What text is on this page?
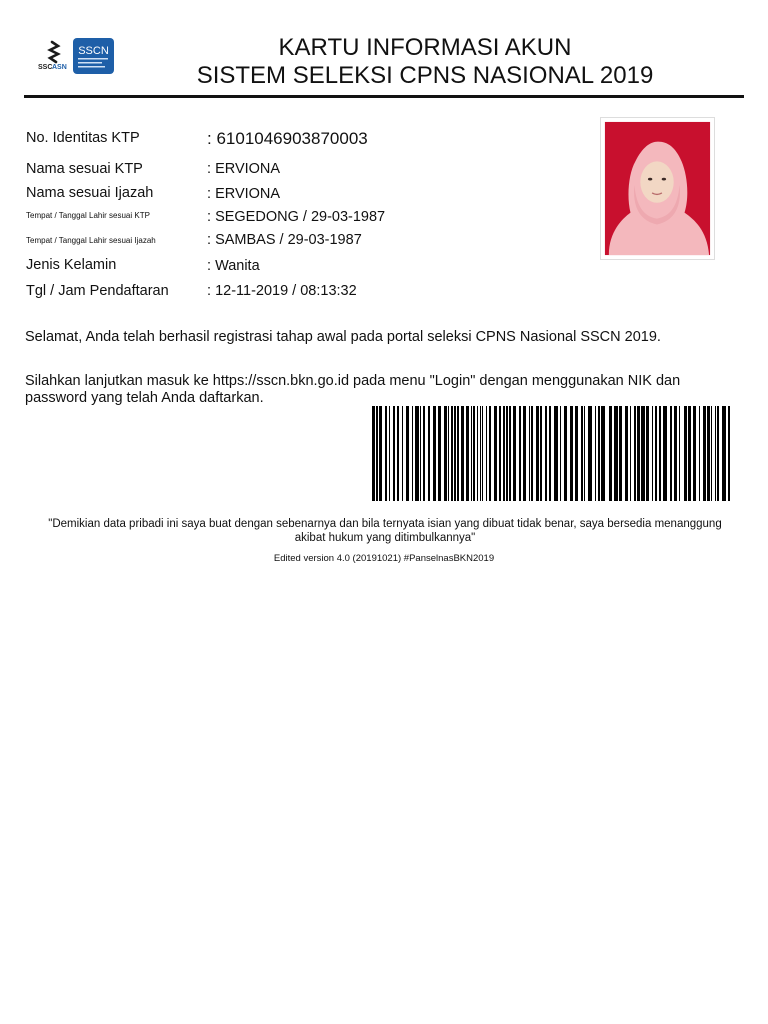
SSC ASN
SSCN	KARTU INFORMASI AKUN
SISTEM SELEKSI CPNS NASIONAL 2019
No. Identitas KTP
Nama sesuai KTP
Nama sesuai Ijazah
Tempat / Tanggal Lahir sesuai KTP
Tempat / Tanggal Lahir sesuai Ijazah
Jenis Kelamin
Tgl / Jam Pendaftaran
: 6101046903870003
: ERVIONA
: ERVIONA
: SEGEDONG / 29-03-1987
: SAMBAS / 29-03-1987
: Wanita
: 12-11-2019 / 08:13:32
Selamat, Anda telah berhasil registrasi tahap awal pada portal seleksi CPNS Nasional SSCN 2019.
Silahkan lanjutkan masuk ke https://sscn.bkn.go.id pada menu "Login" dengan menggunakan NIK dan password yang telah Anda daftarkan.
"Demikian data pribadi ini saya buat dengan sebenarnya dan bila ternyata isian yang dibuat tidak benar, saya bersedia menanggung akibat hukum yang ditimbulkannya"
Edited version 4.0 (20191021) #PanselnasBKN2019
